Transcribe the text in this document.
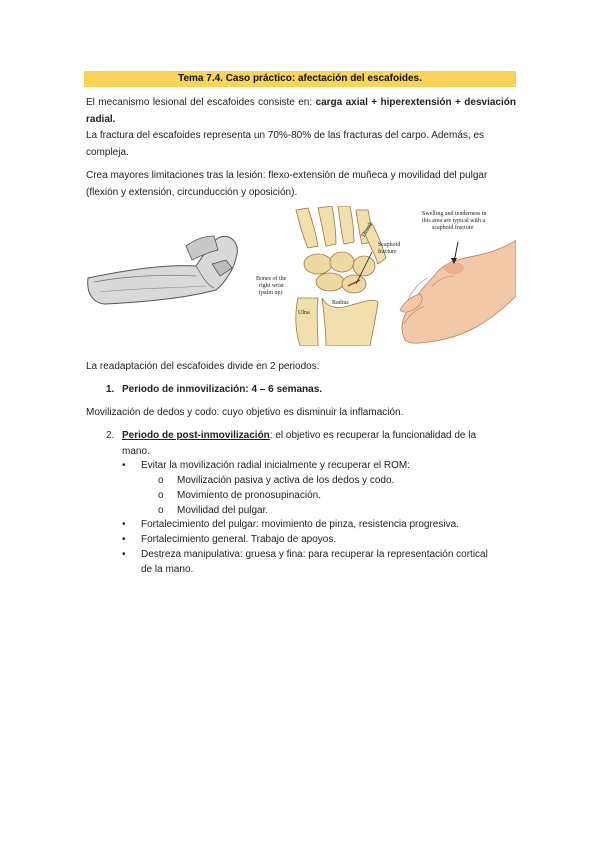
Tema 7.4. Caso práctico: afectación del escafoides.
El mecanismo lesional del escafoides consiste en: carga axial + hiperextensión + desviación radial.
La fractura del escafoides representa un 70%-80% de las fracturas del carpo. Además, es compleja.
Crea mayores limitaciones tras la lesión: flexo-extensión de muñeca y movilidad del pulgar (flexión y extensión, circunducción y oposición).
Thumb
Scaphoid
fracture
Bones of the
right wrist
(palm up)
Ulna
Radius
Swelling and tenderness in
this area are typical with a
scaphoid fracture
La readaptación del escafoides divide en 2 periodos:
1. Periodo de inmovilización: 4 – 6 semanas.
Movilización de dedos y codo: cuyo objetivo es disminuir la inflamación.
2. Periodo de post-inmovilización: el objetivo es recuperar la funcionalidad de la
mano.
• Evitar la movilización radial inicialmente y recuperar el ROM:
o Movilización pasiva y activa de los dedos y codo.
o Movimiento de pronosupinación.
o Movilidad del pulgar.
• Fortalecimiento del pulgar: movimiento de pinza, resistencia progresiva.
• Fortalecimiento general. Trabajo de apoyos.
• Destreza manipulativa: gruesa y fina: para recuperar la representación cortical
de la mano.
